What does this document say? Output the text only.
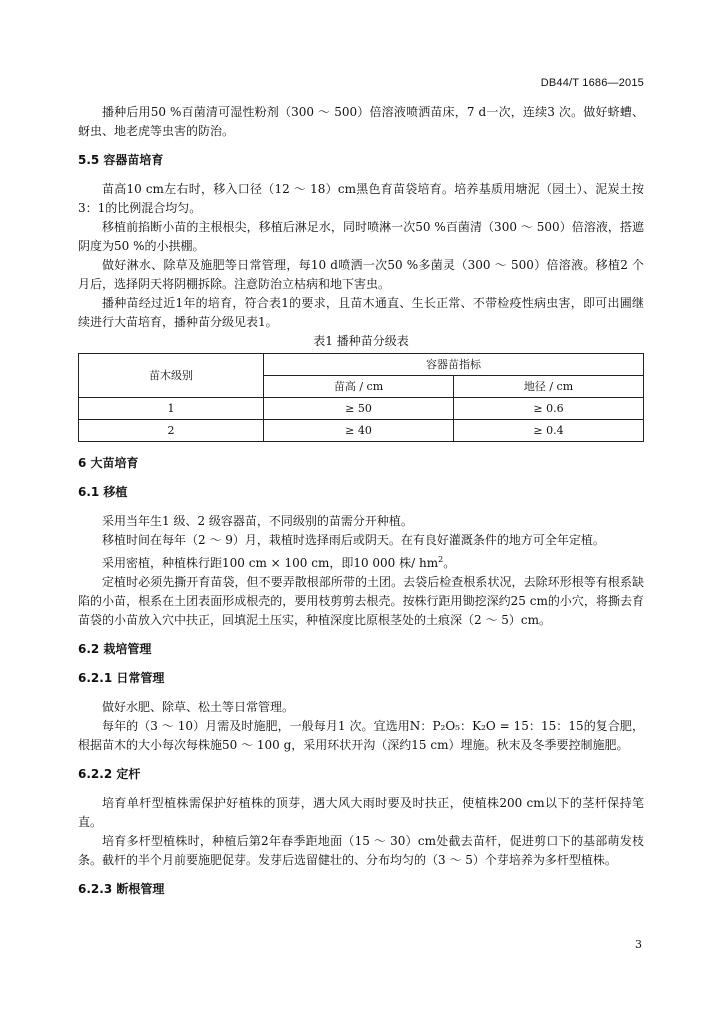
DB44/T 1686—2015

播种后用50 %百菌清可湿性粉剂（300 ～ 500）倍溶液喷洒苗床，7 d一次，连续3 次。做好蛴螬、蚜虫、地老虎等虫害的防治。

5.5 容器苗培育

苗高10 cm左右时，移入口径（12 ～ 18）cm黑色育苗袋培育。培养基质用塘泥（园土）、泥炭土按3：1的比例混合均匀。

移植前掐断小苗的主根根尖，移植后淋足水，同时喷淋一次50 %百菌清（300 ～ 500）倍溶液，搭遮阴度为50 %的小拱棚。

做好淋水、除草及施肥等日常管理，每10 d喷洒一次50 %多菌灵（300 ～ 500）倍溶液。移植2 个月后，选择阴天将阴棚拆除。注意防治立枯病和地下害虫。

播种苗经过近1年的培育，符合表1的要求，且苗木通直、生长正常、不带检疫性病虫害，即可出圃继续进行大苗培育，播种苗分级见表1。

表1 播种苗分级表

苗木级别	容器苗指标	
	苗高 / cm	地径 / cm
1	≥ 50	≥ 0.6
2	≥ 40	≥ 0.4

6 大苗培育

6.1 移植

采用当年生1 级、2 级容器苗，不同级别的苗需分开种植。

移植时间在每年（2 ～ 9）月，栽植时选择雨后或阴天。在有良好灌溉条件的地方可全年定植。

采用密植，种植株行距100 cm × 100 cm，即10 000 株/ $hm^2$。

定植时必须先撕开育苗袋，但不要弄散根部所带的土团。去袋后检查根系状况，去除环形根等有根系缺陷的小苗，根系在土团表面形成根壳的，要用枝剪剪去根壳。按株行距用锄挖深约25 cm的小穴，将撕去育苗袋的小苗放入穴中扶正，回填泥土压实，种植深度比原根茎处的土痕深（2 ～ 5）cm。

6.2 栽培管理

6.2.1 日常管理

做好水肥、除草、松土等日常管理。

每年的（3 ～ 10）月需及时施肥，一般每月1 次。宜选用N：P₂O₅：K₂O = 15：15：15的复合肥，根据苗木的大小每次每株施50 ～ 100 g，采用环状开沟（深约15 cm）埋施。秋末及冬季要控制施肥。

6.2.2 定杆

培育单杆型植株需保护好植株的顶芽，遇大风大雨时要及时扶正，使植株200 cm以下的茎杆保持笔直。

培育多杆型植株时，种植后第2年春季距地面（15 ～ 30）cm处截去苗杆，促进剪口下的基部萌发枝条。截杆的半个月前要施肥促芽。发芽后选留健壮的、分布均匀的（3 ～ 5）个芽培养为多杆型植株。

6.2.3 断根管理

3
